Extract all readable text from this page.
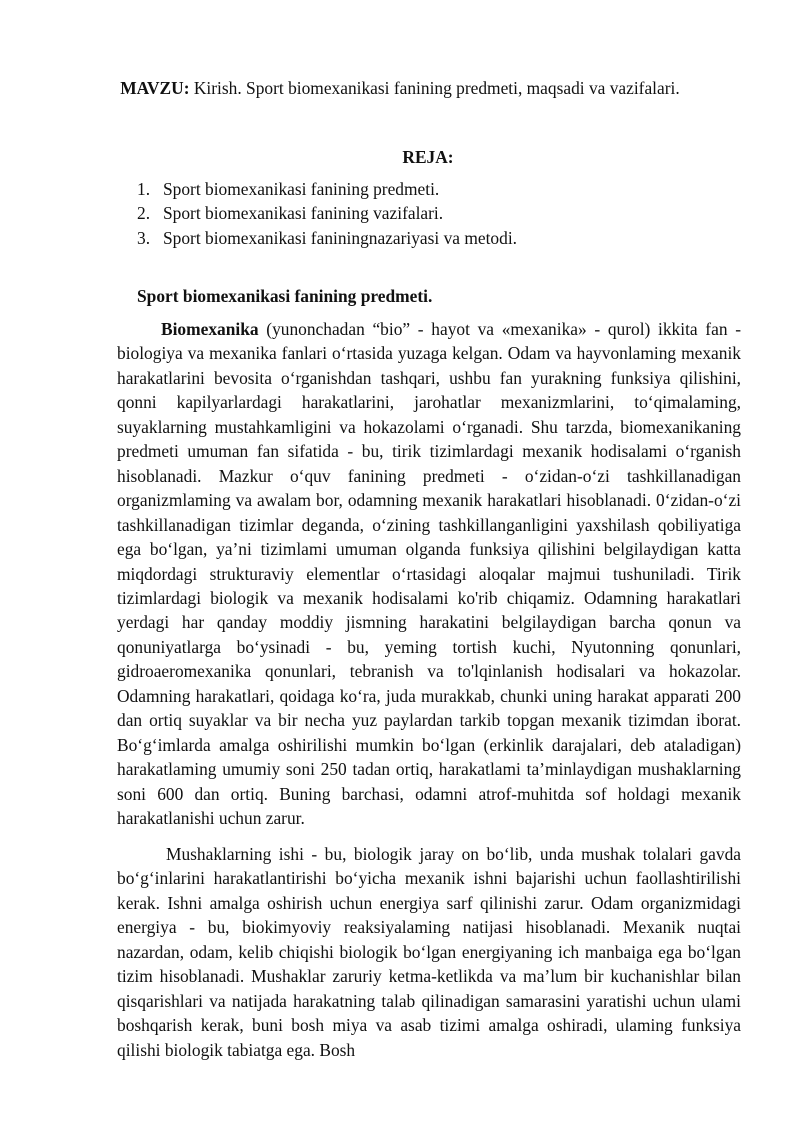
MAVZU: Kirish. Sport biomexanikasi fanining predmeti, maqsadi va vazifalari.
REJA:
1. Sport biomexanikasi fanining predmeti.
2. Sport biomexanikasi fanining vazifalari.
3. Sport biomexanikasi faniningnazariyasi va metodi.
Sport biomexanikasi fanining predmeti.

Biomexanika (yunonchadan “bio” - hayot va «mexanika» - qurol) ikkita fan - biologiya va mexanika fanlari o‘rtasida yuzaga kelgan. Odam va hayvonlaming mexanik harakatlarini bevosita o‘rganishdan tashqari, ushbu fan yurakning funksiya qilishini, qonni kapilyarlardagi harakatlarini, jarohatlar mexanizmlarini, to‘qimalaming, suyaklarning mustahkamligini va hokazolami o‘rganadi. Shu tarzda, biomexanikaning predmeti umuman fan sifatida - bu, tirik tizimlardagi mexanik hodisalami o‘rganish hisoblanadi. Mazkur o‘quv fanining predmeti - o‘zidan-o‘zi tashkillanadigan organizmlaming va awalam bor, odamning mexanik harakatlari hisoblanadi. 0‘zidan-o‘zi tashkillanadigan tizimlar deganda, o‘zining tashkillanganligini yaxshilash qobiliyatiga ega bo‘lgan, ya’ni tizimlami umuman olganda funksiya qilishini belgilaydigan katta miqdordagi strukturaviy elementlar o‘rtasidagi aloqalar majmui tushuniladi. Tirik tizimlardagi biologik va mexanik hodisalami ko'rib chiqamiz. Odamning harakatlari yerdagi har qanday moddiy jismning harakatini belgilaydigan barcha qonun va qonuniyatlarga bo‘ysinadi - bu, yeming tortish kuchi, Nyutonning qonunlari, gidroaeromexanika qonunlari, tebranish va to'lqinlanish hodisalari va hokazolar. Odamning harakatlari, qoidaga ko‘ra, juda murakkab, chunki uning harakat apparati 200 dan ortiq suyaklar va bir necha yuz paylardan tarkib topgan mexanik tizimdan iborat. Bo‘g‘imlarda amalga oshirilishi mumkin bo‘lgan (erkinlik darajalari, deb ataladigan) harakatlaming umumiy soni 250 tadan ortiq, harakatlami ta’minlaydigan mushaklarning soni 600 dan ortiq. Buning barchasi, odamni atrof-muhitda sof holdagi mexanik harakatlanishi uchun zarur.

Mushaklarning ishi - bu, biologik jaray on bo‘lib, unda mushak tolalari gavda bo‘g‘inlarini harakatlantirishi bo‘yicha mexanik ishni bajarishi uchun faollashtirilishi kerak. Ishni amalga oshirish uchun energiya sarf qilinishi zarur. Odam organizmidagi energiya - bu, biokimyoviy reaksiyalaming natijasi hisoblanadi. Mexanik nuqtai nazardan, odam, kelib chiqishi biologik bo‘lgan energiyaning ich manbaiga ega bo‘lgan tizim hisoblanadi. Mushaklar zaruriy ketma-ketlikda va ma’lum bir kuchanishlar bilan qisqarishlari va natijada harakatning talab qilinadigan samarasini yaratishi uchun ulami boshqarish kerak, buni bosh miya va asab tizimi amalga oshiradi, ulaming funksiya qilishi biologik tabiatga ega. Bosh
